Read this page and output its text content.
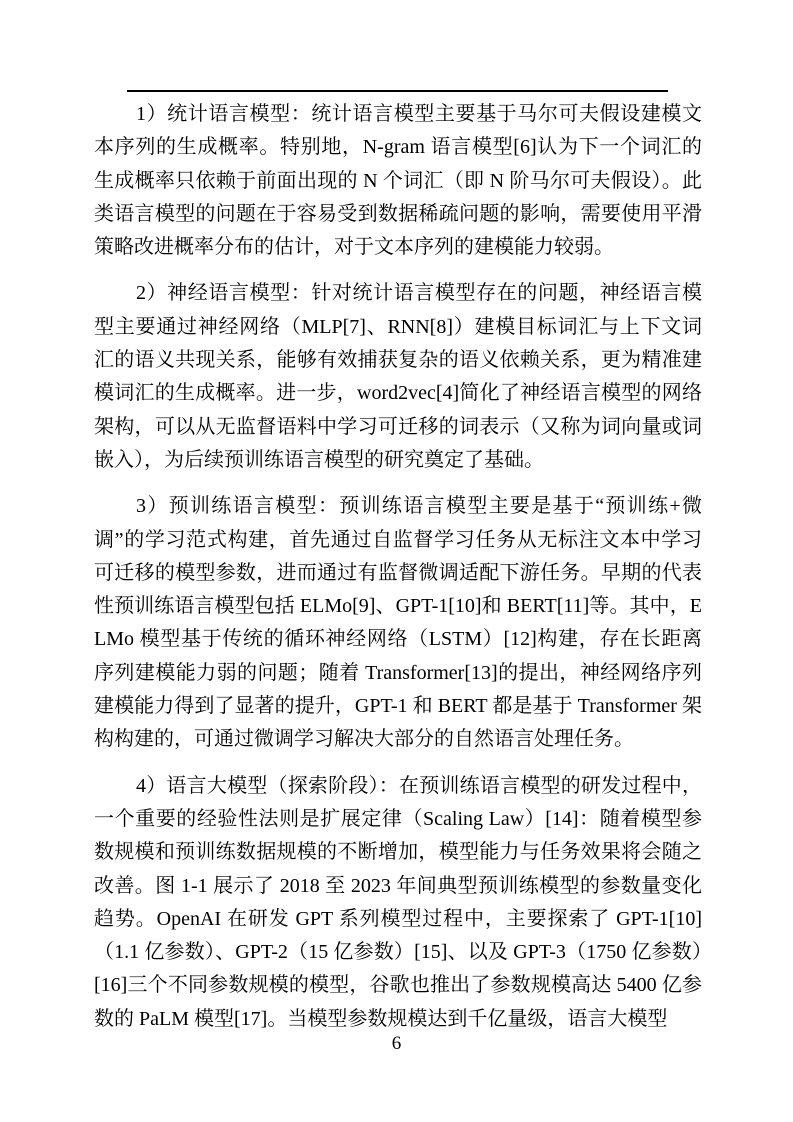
1）统计语言模型：统计语言模型主要基于马尔可夫假设建模文本序列的生成概率。特别地，N-gram 语言模型[6]认为下一个词汇的生成概率只依赖于前面出现的 N 个词汇（即 N 阶马尔可夫假设）。此类语言模型的问题在于容易受到数据稀疏问题的影响，需要使用平滑策略改进概率分布的估计，对于文本序列的建模能力较弱。

2）神经语言模型：针对统计语言模型存在的问题，神经语言模型主要通过神经网络（MLP[7]、RNN[8]）建模目标词汇与上下文词汇的语义共现关系，能够有效捕获复杂的语义依赖关系，更为精准建模词汇的生成概率。进一步，word2vec[4]简化了神经语言模型的网络架构，可以从无监督语料中学习可迁移的词表示（又称为词向量或词嵌入），为后续预训练语言模型的研究奠定了基础。

3）预训练语言模型：预训练语言模型主要是基于“预训练+微调”的学习范式构建，首先通过自监督学习任务从无标注文本中学习可迁移的模型参数，进而通过有监督微调适配下游任务。早期的代表性预训练语言模型包括 ELMo[9]、GPT-1[10]和 BERT[11]等。其中，ELMo 模型基于传统的循环神经网络（LSTM）[12]构建，存在长距离序列建模能力弱的问题；随着 Transformer[13]的提出，神经网络序列建模能力得到了显著的提升，GPT-1 和 BERT 都是基于 Transformer 架构构建的，可通过微调学习解决大部分的自然语言处理任务。

4）语言大模型（探索阶段）：在预训练语言模型的研发过程中，一个重要的经验性法则是扩展定律（Scaling Law）[14]：随着模型参数规模和预训练数据规模的不断增加，模型能力与任务效果将会随之改善。图 1-1 展示了 2018 至 2023 年间典型预训练模型的参数量变化趋势。OpenAI 在研发 GPT 系列模型过程中，主要探索了 GPT-1[10]（1.1 亿参数）、GPT-2（15 亿参数）[15]、以及 GPT-3（1750 亿参数）[16]三个不同参数规模的模型，谷歌也推出了参数规模高达 5400 亿参数的 PaLM 模型[17]。当模型参数规模达到千亿量级，语言大模型

6
